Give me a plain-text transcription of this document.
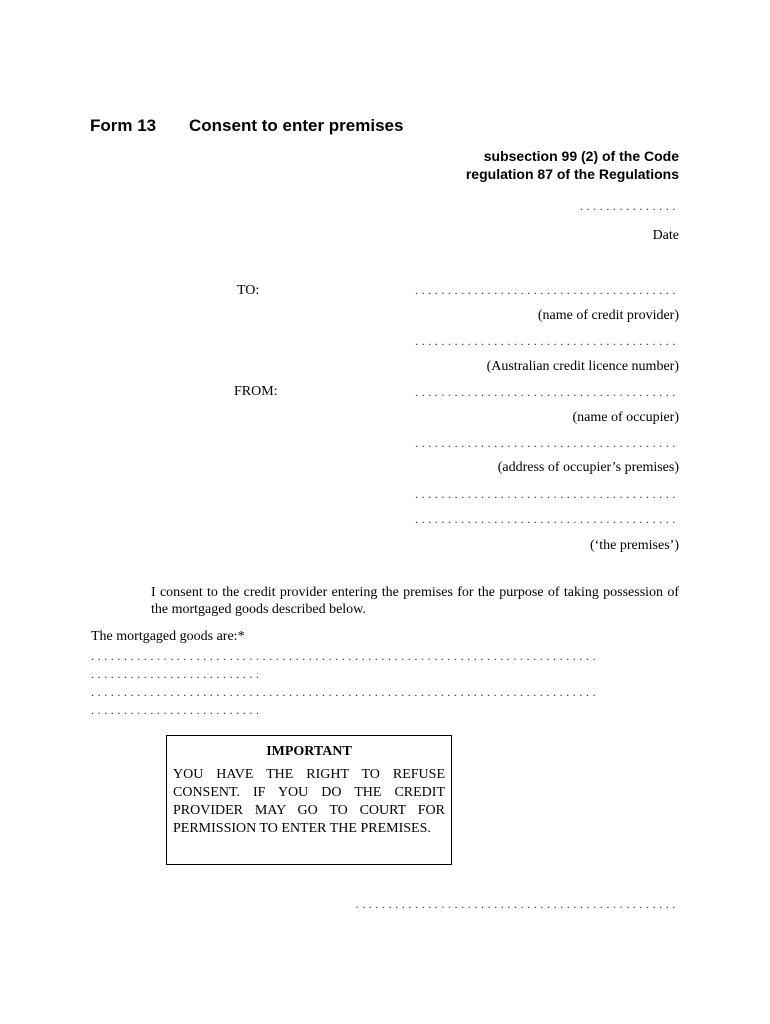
Form 13 Consent to enter premises
subsection 99 (2) of the Code
regulation 87 of the Regulations
...............
Date
TO:	........................................
(name of credit provider)
........................................
(Australian credit licence number)
FROM:	........................................
(name of occupier)
........................................
(address of occupier’s premises)
........................................
........................................
(‘the premises’)
I consent to the credit provider entering the premises for the purpose of taking possession of the mortgaged goods described below.
The mortgaged goods are:*
.............................................................................
..........................
.............................................................................
..........................
IMPORTANT
YOU HAVE THE RIGHT TO REFUSE CONSENT. IF YOU DO THE CREDIT PROVIDER MAY GO TO COURT FOR PERMISSION TO ENTER THE PREMISES.
.................................................
